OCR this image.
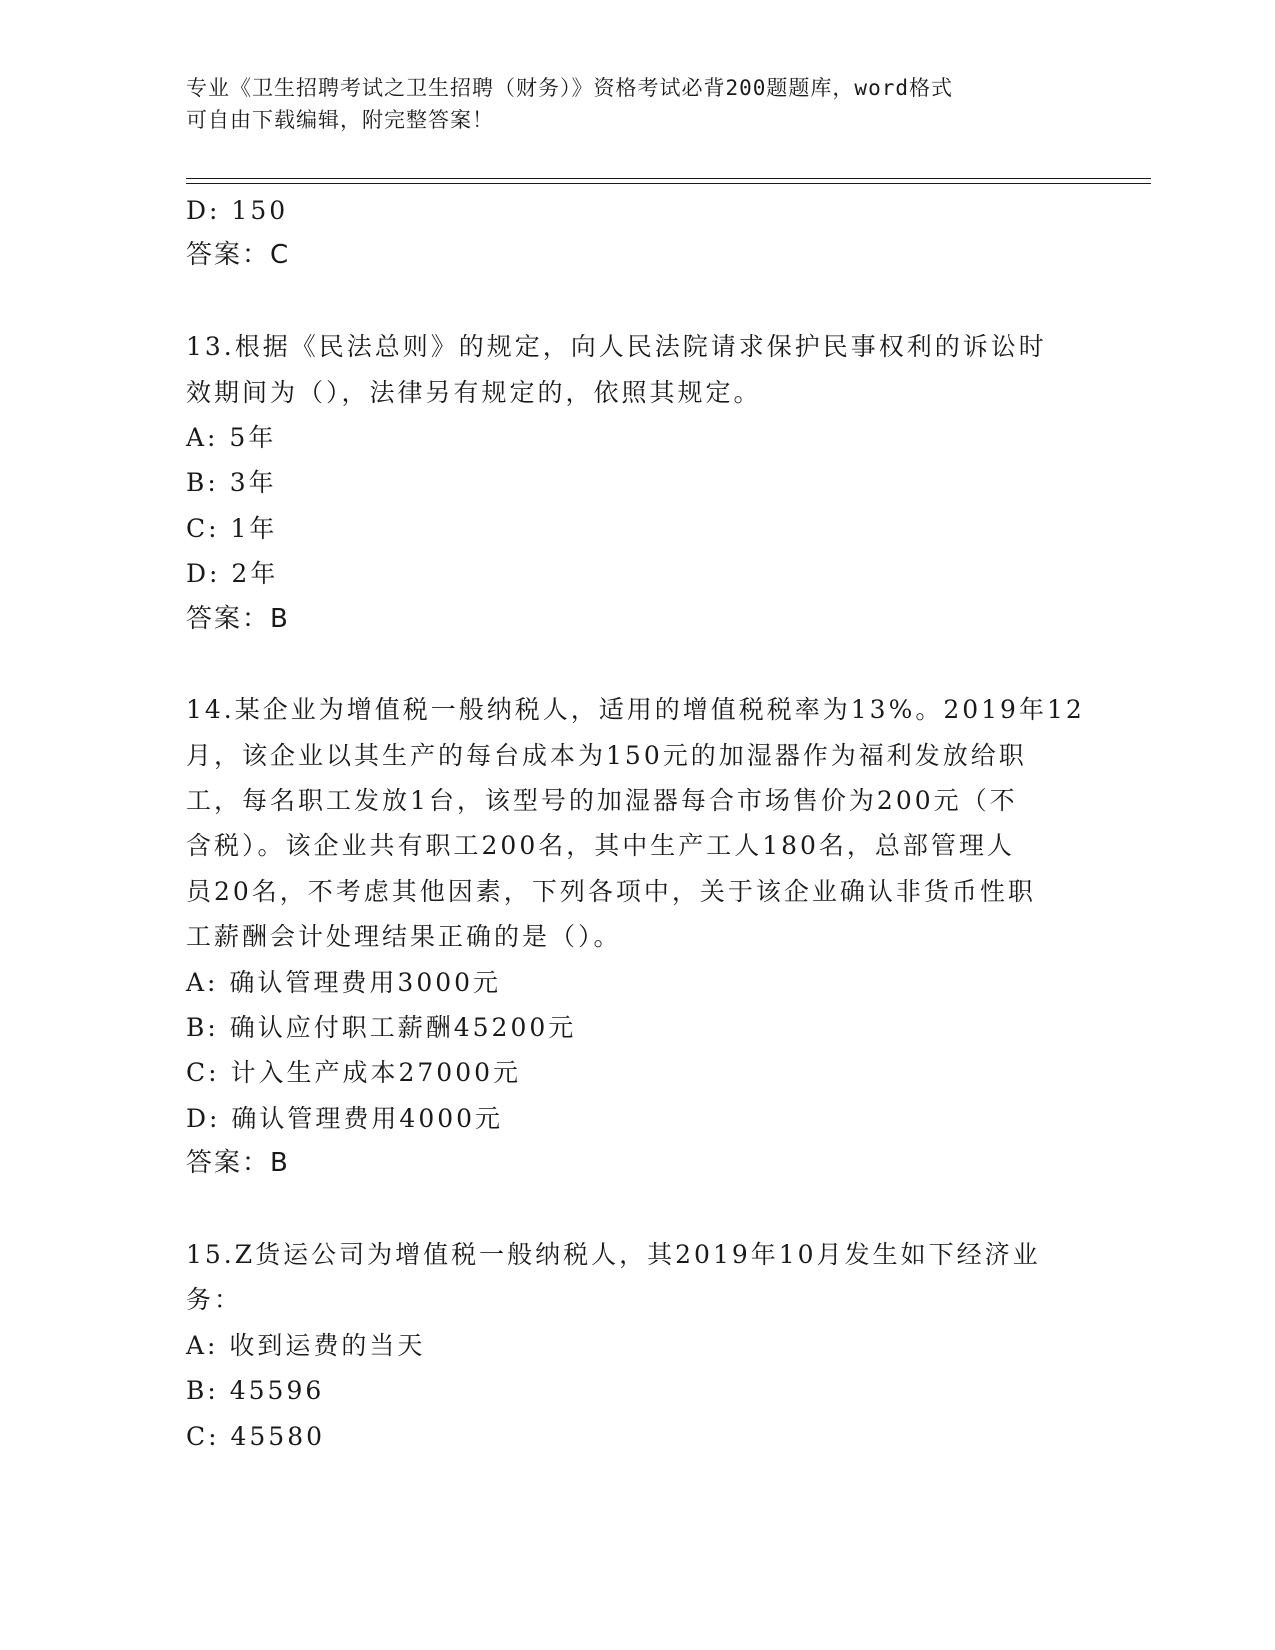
专业《卫生招聘考试之卫生招聘（财务）》资格考试必背200题题库，word格式
可自由下载编辑，附完整答案！
D: 150
答案：C
13.根据《民法总则》的规定，向人民法院请求保护民事权利的诉讼时
效期间为（），法律另有规定的，依照其规定。
A: 5年
B: 3年
C: 1年
D: 2年
答案：B
14.某企业为增值税一般纳税人，适用的增值税税率为13%。2019年12
月，该企业以其生产的每台成本为150元的加湿器作为福利发放给职
工，每名职工发放1台，该型号的加湿器每合市场售价为200元（不
含税）。该企业共有职工200名，其中生产工人180名，总部管理人
员20名，不考虑其他因素，下列各项中，关于该企业确认非货币性职
工薪酬会计处理结果正确的是（）。
A: 确认管理费用3000元
B: 确认应付职工薪酬45200元
C: 计入生产成本27000元
D: 确认管理费用4000元
答案：B
15.Z货运公司为增值税一般纳税人，其2019年10月发生如下经济业
务：
A: 收到运费的当天
B: 45596
C: 45580
